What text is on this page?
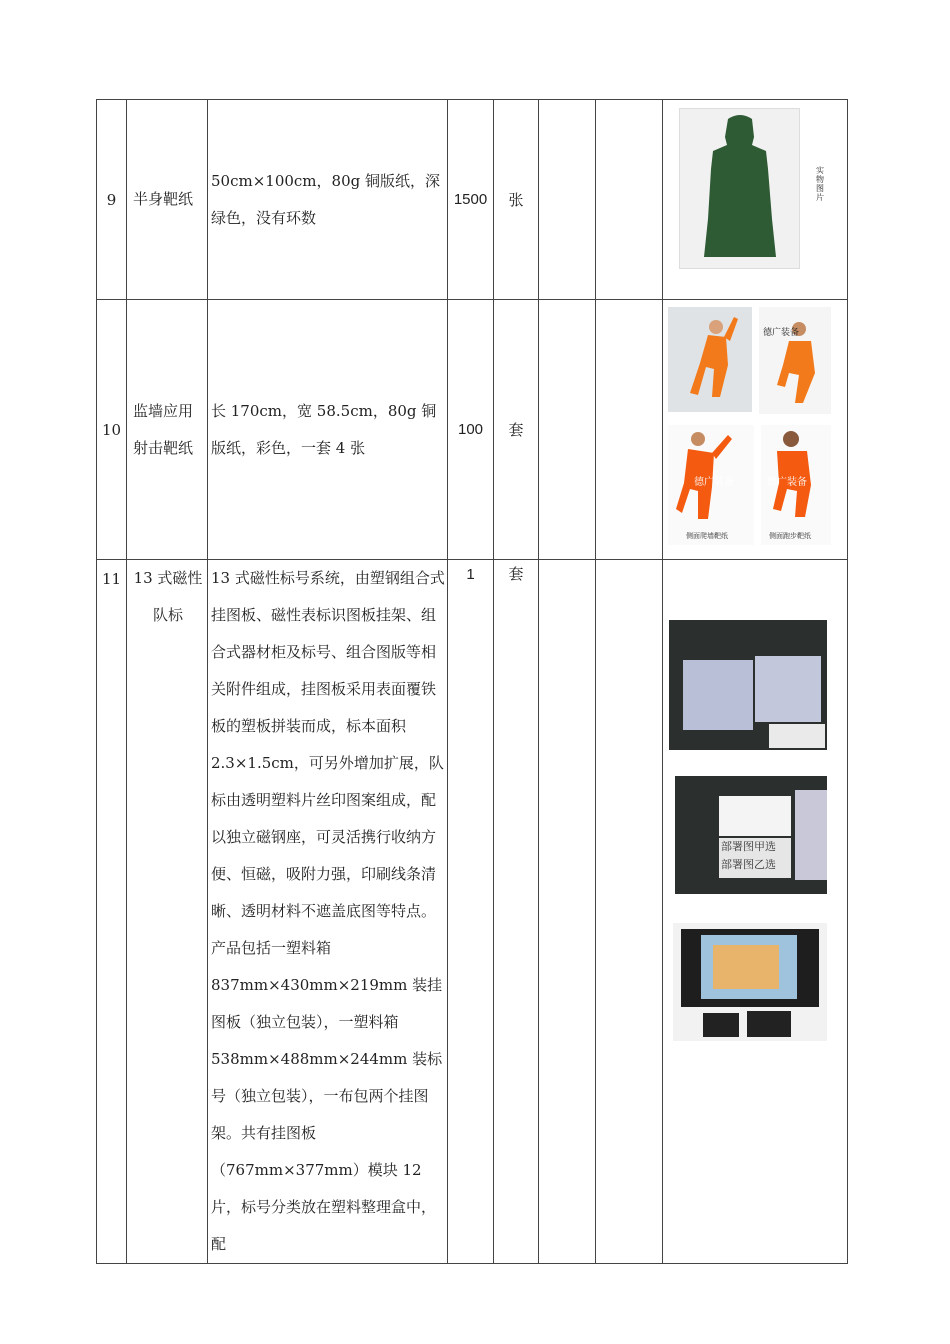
9	半身靶纸	50cm×100cm，80g 铜版纸，深绿色，没有环数	1500	张			实物图片

10	监墙应用射击靶纸	长 170cm，宽 58.5cm，80g 铜版纸，彩色，一套 4 张	100	套			德广装备
德广装备
侧面爬墙靶纸
德广装备
侧面跑步靶纸

11	13 式磁性队标	13 式磁性标号系统，由塑钢组合式挂图板、磁性表标识图板挂架、组合式器材柜及标号、组合图版等相关附件组成，挂图板采用表面覆铁板的塑板拼装而成，标本面积 2.3×1.5cm，可另外增加扩展，队标由透明塑料片丝印图案组成，配以独立磁钢座，可灵活携行收纳方便、恒磁，吸附力强，印刷线条清晰、透明材料不遮盖底图等特点。产品包括一塑料箱 837mm×430mm×219mm 装挂图板（独立包装），一塑料箱 538mm×488mm×244mm 装标号（独立包装），一布包两个挂图架。共有挂图板（767mm×377mm）模块 12 片，标号分类放在塑料整理盒中，配	1	套			部署图甲选
部署图乙选
